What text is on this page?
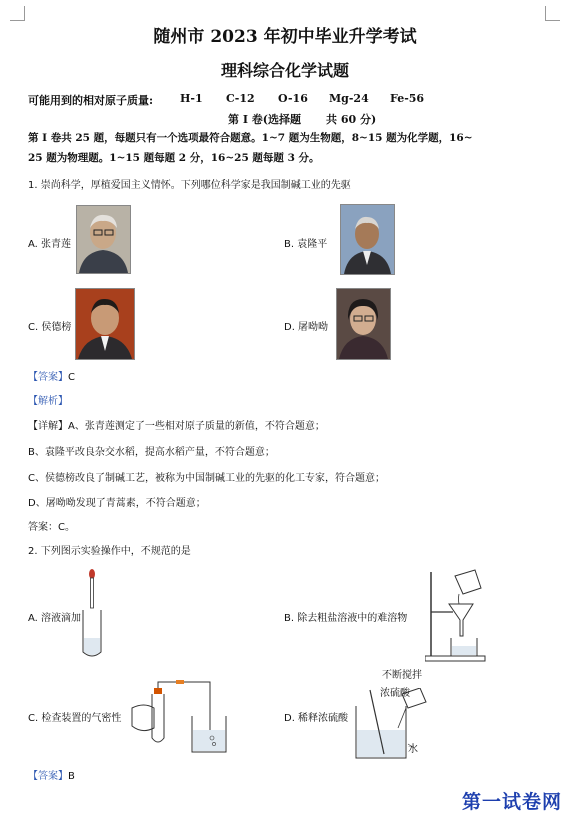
随州市 2023 年初中毕业升学考试
理科综合化学试题
可能用到的相对原子质量: H-1 C-12 O-16 Mg-24 Fe-56
第 I 卷(选择题 共 60 分)
第 I 卷共 25 题，每题只有一个选项最符合题意。1~7 题为生物题，8~15 题为化学题，16~
25 题为物理题。1~15 题每题 2 分，16~25 题每题 3 分。
1. 崇尚科学，厚植爱国主义情怀。下列哪位科学家是我国制碱工业的先驱
A. 张青莲	B. 袁隆平
C. 侯德榜	D. 屠呦呦
【答案】C
【解析】
【详解】A、张青莲测定了一些相对原子质量的新值，不符合题意；
B、袁隆平改良杂交水稻，提高水稻产量，不符合题意；
C、侯德榜改良了制碱工艺，被称为中国制碱工业的先驱的化工专家，符合题意；
D、屠呦呦发现了青蒿素，不符合题意；
答案：C。
2. 下列图示实验操作中，不规范的是
A. 溶液滴加	B. 除去粗盐溶液中的难溶物
C. 检查装置的气密性	D. 稀释浓硫酸
不断搅拌
浓硫酸
水
【答案】B
第一试卷网
